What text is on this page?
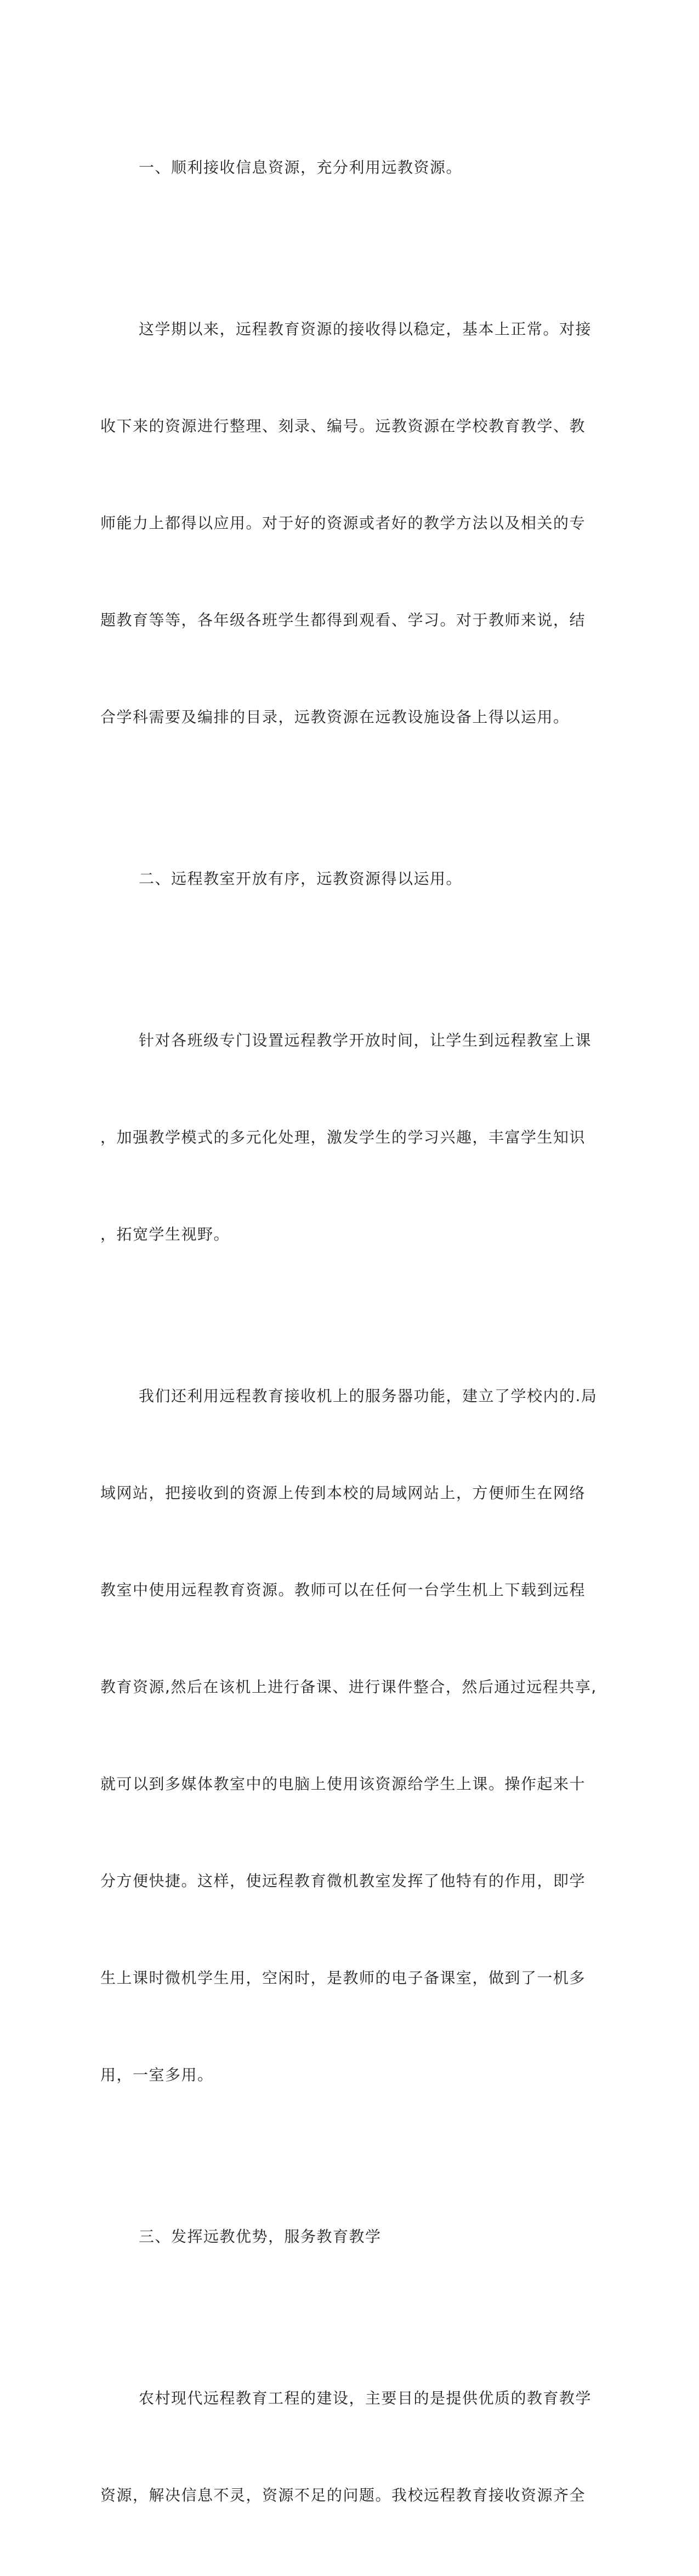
一、顺利接收信息资源，充分利用远教资源。

这学期以来，远程教育资源的接收得以稳定，基本上正常。对接

收下来的资源进行整理、刻录、编号。远教资源在学校教育教学、教

师能力上都得以应用。对于好的资源或者好的教学方法以及相关的专

题教育等等，各年级各班学生都得到观看、学习。对于教师来说，结

合学科需要及编排的目录，远教资源在远教设施设备上得以运用。

二、远程教室开放有序，远教资源得以运用。

针对各班级专门设置远程教学开放时间，让学生到远程教室上课

，加强教学模式的多元化处理，激发学生的学习兴趣，丰富学生知识

，拓宽学生视野。

我们还利用远程教育接收机上的服务器功能，建立了学校内的.局

域网站，把接收到的资源上传到本校的局域网站上，方便师生在网络

教室中使用远程教育资源。教师可以在任何一台学生机上下载到远程

教育资源,然后在该机上进行备课、进行课件整合，然后通过远程共享,

就可以到多媒体教室中的电脑上使用该资源给学生上课。操作起来十

分方便快捷。这样，使远程教育微机教室发挥了他特有的作用，即学

生上课时微机学生用，空闲时，是教师的电子备课室，做到了一机多

用，一室多用。

三、发挥远教优势，服务教育教学

农村现代远程教育工程的建设，主要目的是提供优质的教育教学

资源，解决信息不灵，资源不足的问题。我校远程教育接收资源齐全
